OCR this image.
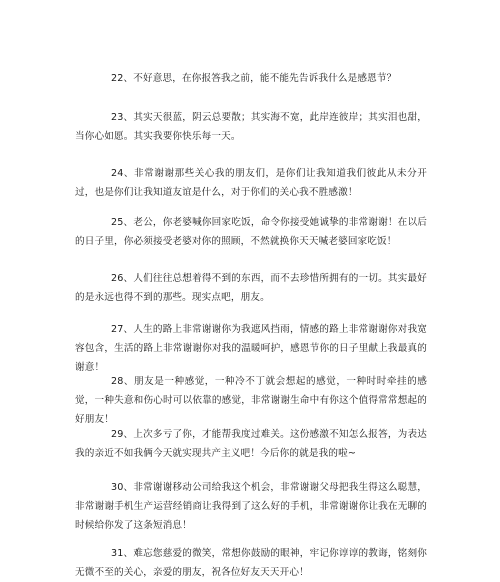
22、不好意思，在你报答我之前，能不能先告诉我什么是感恩节？

23、其实天很蓝，阴云总要散；其实海不宽，此岸连彼岸；其实泪也甜，当你心如愿。其实我要你快乐每一天。

24、非常谢谢那些关心我的朋友们，是你们让我知道我们彼此从未分开过，也是你们让我知道友谊是什么，对于你们的关心我不胜感激！

25、老公，你老婆喊你回家吃饭，命令你接受她诚挚的非常谢谢！在以后的日子里，你必须接受老婆对你的照顾，不然就换你天天喊老婆回家吃饭！

26、人们往往总想着得不到的东西，而不去珍惜所拥有的一切。其实最好的是永远也得不到的那些。现实点吧，朋友。

27、人生的路上非常谢谢你为我遮风挡雨，情感的路上非常谢谢你对我宽容包含，生活的路上非常谢谢你对我的温暖呵护，感恩节你的日子里献上我最真的谢意！

28、朋友是一种感觉，一种冷不丁就会想起的感觉，一种时时牵挂的感觉，一种失意和伤心时可以依靠的感觉，非常谢谢生命中有你这个值得常常想起的好朋友！

29、上次多亏了你，才能帮我度过难关。这份感激不知怎么报答，为表达我的亲近不如我俩今天就实现共产主义吧！今后你的就是我的啦~

30、非常谢谢移动公司给我这个机会，非常谢谢父母把我生得这么聪慧，非常谢谢手机生产运营经销商让我得到了这么好的手机，非常谢谢你让我在无聊的时候给你发了这条短消息！

31、难忘您慈爱的微笑，常想你鼓励的眼神，牢记你谆谆的教诲，铭刻你无微不至的关心，亲爱的朋友，祝各位好友天天开心！
